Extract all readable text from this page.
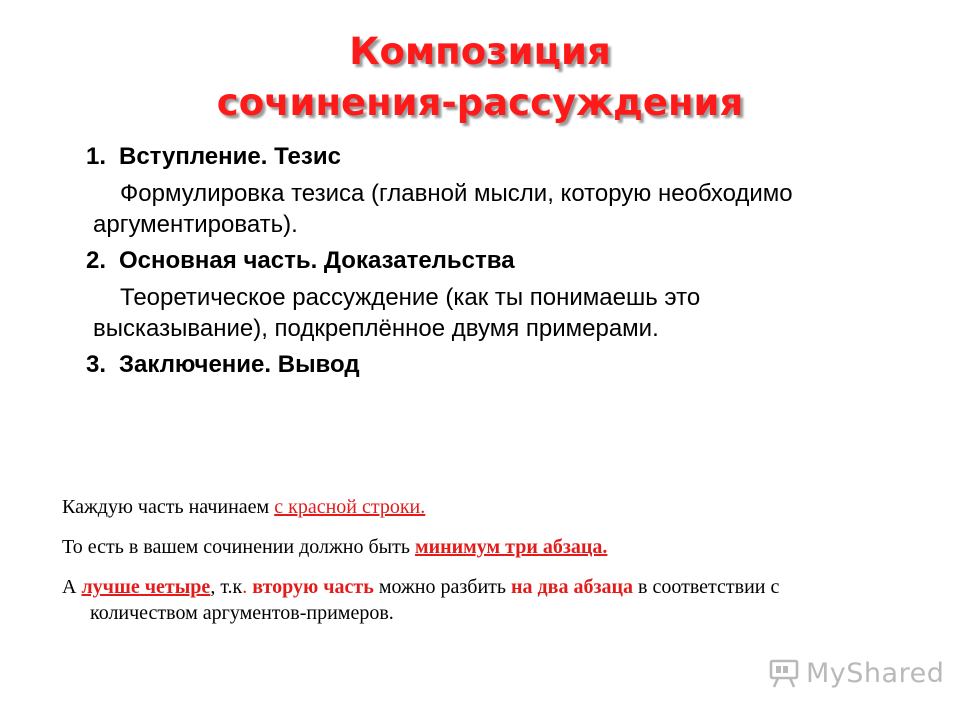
Композиция
сочинения-рассуждения

1. Вступление. Тезис

Формулировка тезиса (главной мысли, которую необходимо аргументировать).

2. Основная часть. Доказательства

Теоретическое рассуждение (как ты понимаешь это высказывание), подкреплённое двумя примерами.

3. Заключение. Вывод

Каждую часть начинаем с красной строки.

То есть в вашем сочинении должно быть минимум три абзаца.

А лучше четыре, т.к. вторую часть можно разбить на два абзаца в соответствии с количеством аргументов-примеров.

MyShared
